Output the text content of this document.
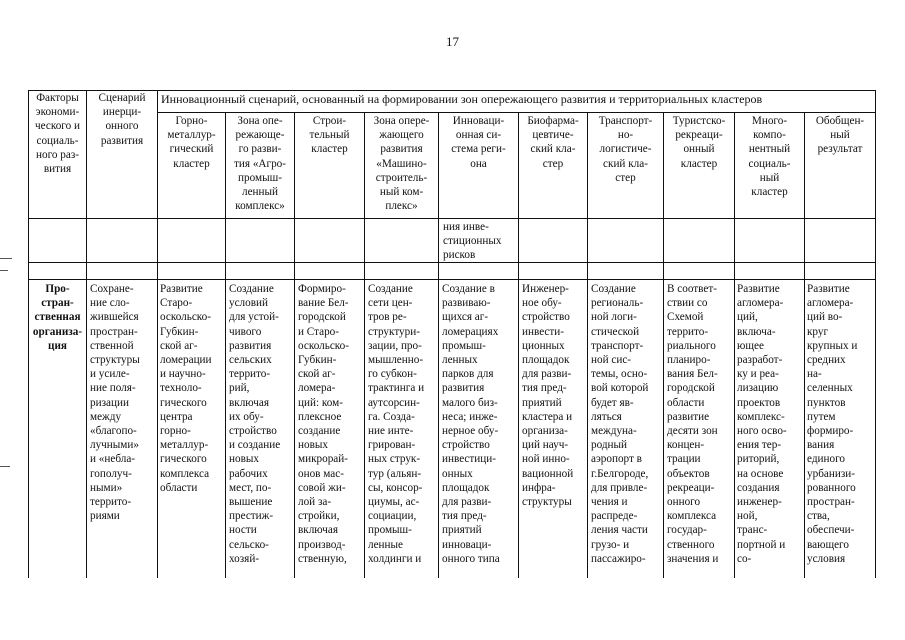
17
Факторы
экономи-
ческого и
социаль-
ного раз-
вития
Сценарий
инерци-
онного
развития
Инновационный сценарий, основанный на формировании зон опережающего развития и территориальных кластеров
Горно-
металлур-
гический
кластер
Зона опе-
режающе-
го разви-
тия «Агро-
промыш-
ленный
комплекс»
Строи-
тельный
кластер
Зона опере-
жающего
развития
«Машино-
строитель-
ный ком-
плекс»
Инноваци-
онная си-
стема реги-
она
Биофарма-
цевтиче-
ский кла-
стер
Транспорт-
но-
логистиче-
ский кла-
стер
Туристско-
рекреаци-
онный
кластер
Много-
компо-
нентный
социаль-
ный
кластер
Обобщен-
ный
результат
ния инве-
стиционных
рисков
Про-
стран-
ственная
организа-
ция
Сохране-
ние сло-
жившейся
простран-
ственной
структуры
и усиле-
ние поля-
ризации
между
«благопо-
лучными»
и «небла-
гополуч-
ными»
террито-
риями
Развитие
Старо-
оскольско-
Губкин-
ской аг-
ломерации
и научно-
техноло-
гического
центра
горно-
металлур-
гического
комплекса
области
Создание
условий
для устой-
чивого
развития
сельских
террито-
рий,
включая
их обу-
стройство
и создание
новых
рабочих
мест, по-
вышение
престиж-
ности
сельско-
хозяй-
Формиро-
вание Бел-
городской
и Старо-
оскольско-
Губкин-
ской аг-
ломера-
ций: ком-
плексное
создание
новых
микрорай-
онов мас-
совой жи-
лой за-
стройки,
включая
производ-
ственную,
Создание
сети цен-
тров ре-
структури-
зации, про-
мышленно-
го субкон-
трактинга и
аутсорсин-
га. Созда-
ние инте-
грирован-
ных струк-
тур (альян-
сы, консор-
циумы, ас-
социации,
промыш-
ленные
холдинги и
Создание в
развиваю-
щихся аг-
ломерациях
промыш-
ленных
парков для
развития
малого биз-
неса; инже-
нерное обу-
стройство
инвестици-
онных
площадок
для разви-
тия пред-
приятий
инноваци-
онного типа
Инженер-
ное обу-
стройство
инвести-
ционных
площадок
для разви-
тия пред-
приятий
кластера и
организа-
ций науч-
ной инно-
вационной
инфра-
структуры
Создание
региональ-
ной логи-
стической
транспорт-
ной сис-
темы, осно-
вой которой
будет яв-
ляться
междуна-
родный
аэропорт в
г.Белгороде,
для привле-
чения и
распреде-
ления части
грузо- и
пассажиро-
В соответ-
ствии со
Схемой
террито-
риального
планиро-
вания Бел-
городской
области
развитие
десяти зон
концен-
трации
объектов
рекреаци-
онного
комплекса
государ-
ственного
значения и
Развитие
агломера-
ций,
включа-
ющее
разработ-
ку и реа-
лизацию
проектов
комплекс-
ного осво-
ения тер-
риторий,
на основе
создания
инженер-
ной,
транс-
портной и
со-
Развитие
агломера-
ций во-
круг
крупных и
средних
на-
селенных
пунктов
путем
формиро-
вания
единого
урбанизи-
рованного
простран-
ства,
обеспечи-
вающего
условия
